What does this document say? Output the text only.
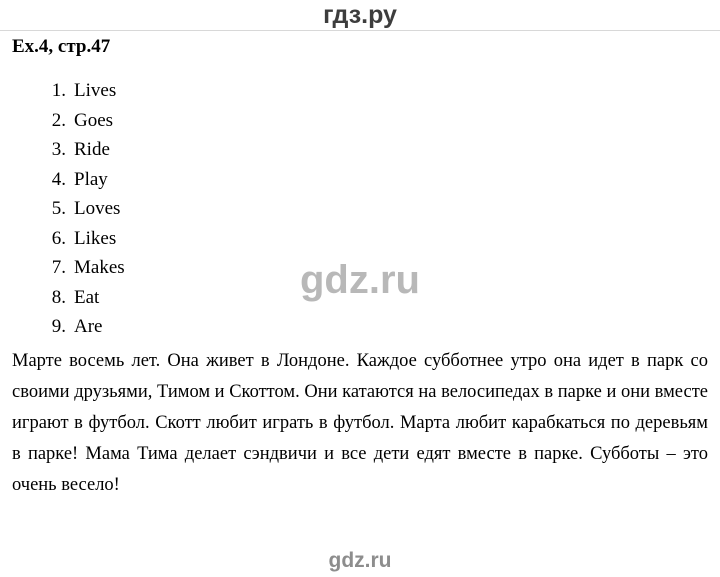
гдз.ру
Ex.4, стр.47
1. Lives
2. Goes
3. Ride
4. Play
5. Loves
6. Likes
7. Makes
8. Eat
9. Are
gdz.ru
Марте восемь лет. Она живет в Лондоне. Каждое субботнее утро она идет в парк со своими друзьями, Тимом и Скоттом. Они катаются на велосипедах в парке и они вместе играют в футбол. Скотт любит играть в футбол. Марта любит карабкаться по деревьям в парке! Мама Тима делает сэндвичи и все дети едят вместе в парке. Субботы – это очень весело!
gdz.ru
